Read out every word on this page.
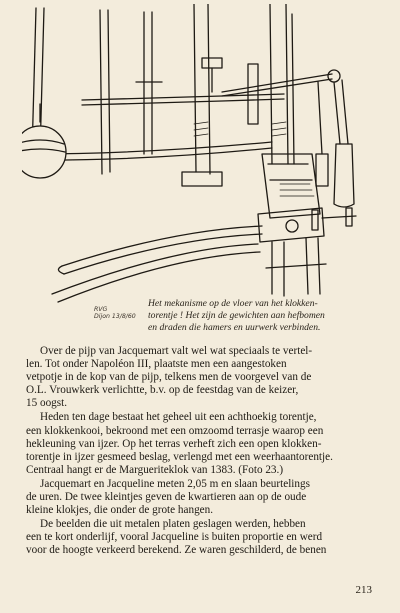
RVG
Dijon 13/8/60
Het mekanisme op de vloer van het klokken-
torentje ! Het zijn de gewichten aan hefbomen
en draden die hamers en uurwerk verbinden.
Over de pijp van Jacquemart valt wel wat speciaals te vertel-
len. Tot onder Napoléon III, plaatste men een aangestoken
vetpotje in de kop van de pijp, telkens men de voorgevel van de
O.L. Vrouwkerk verlichtte, b.v. op de feestdag van de keizer,
15 oogst.
Heden ten dage bestaat het geheel uit een achthoekig torentje,
een klokkenkooi, bekroond met een omzoomd terrasje waarop een
hekleuning van ijzer. Op het terras verheft zich een open klokken-
torentje in ijzer gesmeed beslag, verlengd met een weerhaantorentje.
Centraal hangt er de Margueriteklok van 1383. (Foto 23.)
Jacquemart en Jacqueline meten 2,05 m en slaan beurtelings
de uren. De twee kleintjes geven de kwartieren aan op de oude
kleine klokjes, die onder de grote hangen.
De beelden die uit metalen platen geslagen werden, hebben
een te kort onderlijf, vooral Jacqueline is buiten proportie en werd
voor de hoogte verkeerd berekend. Ze waren geschilderd, de benen
213
